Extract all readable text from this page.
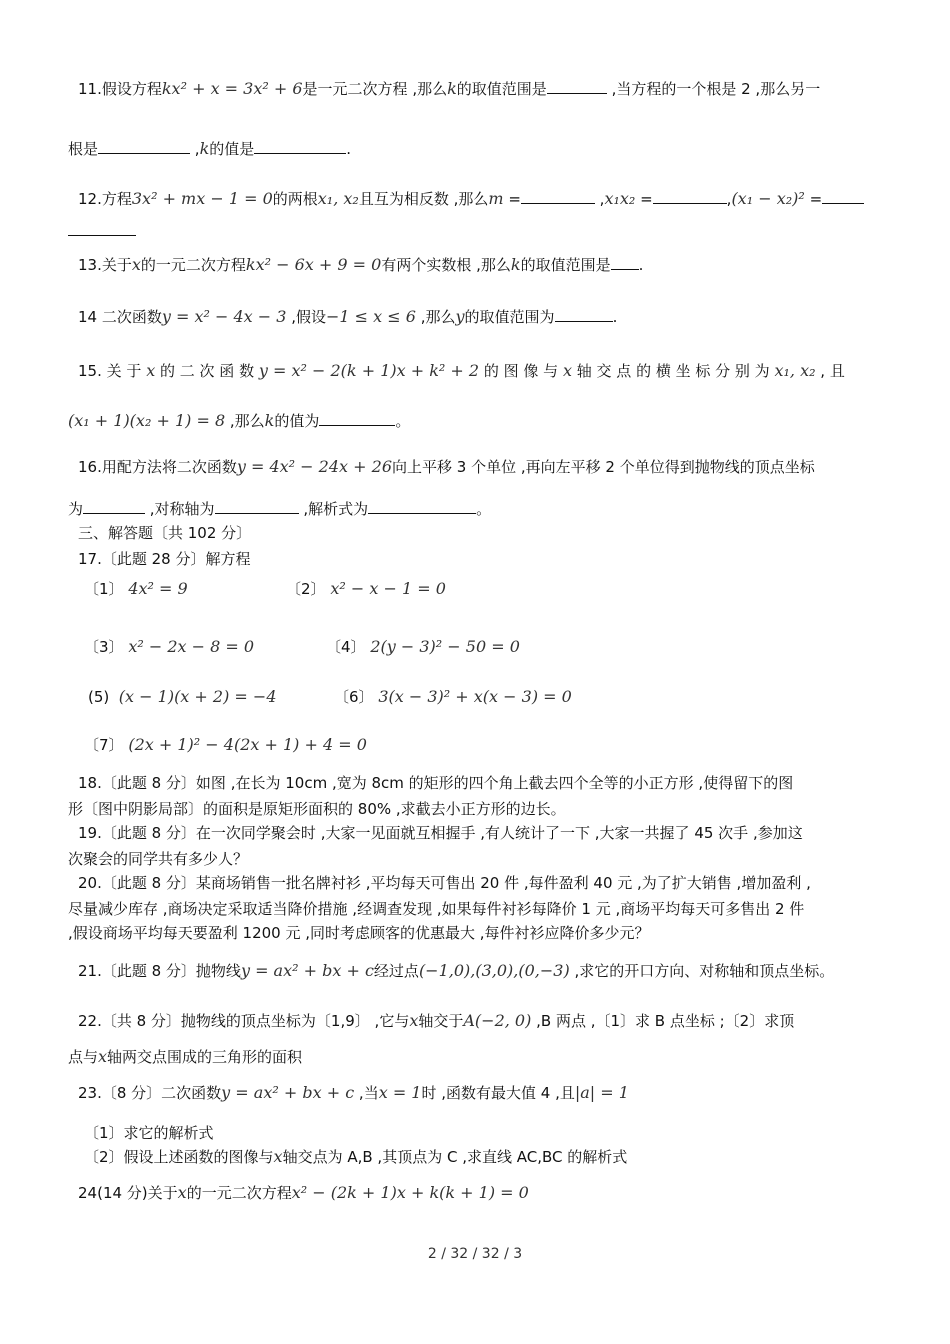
11.假设方程kx² + x = 3x² + 6是一元二次方程 ,那么k的取值范围是	,当方程的一个根是 2 ,那么另一
根是	,k的值是	.
12.方程3x² + mx − 1 = 0的两根x₁, x₂且互为相反数 ,那么m =	,x₁x₂ =	,(x₁ − x₂)² =
13.关于x的一元二次方程kx² − 6x + 9 = 0有两个实数根 ,那么k的取值范围是 .
14 二次函数y = x² − 4x − 3 ,假设−1 ≤ x ≤ 6 ,那么y的取值范围为	.
15. 关 于 x 的 二 次 函 数 y = x² − 2(k + 1)x + k² + 2 的 图 像 与 x 轴 交 点 的 横 坐 标 分 别 为 x₁, x₂ , 且
(x₁ + 1)(x₂ + 1) = 8 ,那么k的值为	。
16.用配方法将二次函数y = 4x² − 24x + 26向上平移 3 个单位 ,再向左平移 2 个单位得到抛物线的顶点坐标
为	,对称轴为	,解析式为	。
三、解答题〔共 102 分〕
17.〔此题 28 分〕解方程
〔1〕 4x² = 9	〔2〕 x² − x − 1 = 0
〔3〕 x² − 2x − 8 = 0	〔4〕 2(y − 3)² − 50 = 0
(5) (x − 1)(x + 2) = −4	〔6〕 3(x − 3)² + x(x − 3) = 0
〔7〕 (2x + 1)² − 4(2x + 1) + 4 = 0
18.〔此题 8 分〕如图 ,在长为 10cm ,宽为 8cm 的矩形的四个角上截去四个全等的小正方形 ,使得留下的图
形〔图中阴影局部〕的面积是原矩形面积的 80% ,求截去小正方形的边长。
19.〔此题 8 分〕在一次同学聚会时 ,大家一见面就互相握手 ,有人统计了一下 ,大家一共握了 45 次手 ,参加这
次聚会的同学共有多少人？
20.〔此题 8 分〕某商场销售一批名牌衬衫 ,平均每天可售出 20 件 ,每件盈利 40 元 ,为了扩大销售 ,增加盈利 ,
尽量减少库存 ,商场决定采取适当降价措施 ,经调查发现 ,如果每件衬衫每降价 1 元 ,商场平均每天可多售出 2 件
,假设商场平均每天要盈利 1200 元 ,同时考虑顾客的优惠最大 ,每件衬衫应降价多少元？
21.〔此题 8 分〕抛物线y = ax² + bx + c经过点(−1,0),(3,0),(0,−3) ,求它的开口方向、对称轴和顶点坐标。
22.〔共 8 分〕抛物线的顶点坐标为〔1,9〕 ,它与x轴交于A(−2, 0) ,B 两点 ,〔1〕求 B 点坐标 ;〔2〕求顶
点与x轴两交点围成的三角形的面积
23.〔8 分〕二次函数y = ax² + bx + c ,当x = 1时 ,函数有最大值 4 ,且|a| = 1
〔1〕求它的解析式
〔2〕假设上述函数的图像与x轴交点为 A,B ,其顶点为 C ,求直线 AC,BC 的解析式
24(14 分)关于x的一元二次方程x² − (2k + 1)x + k(k + 1) = 0
2 / 32 / 32 / 3
